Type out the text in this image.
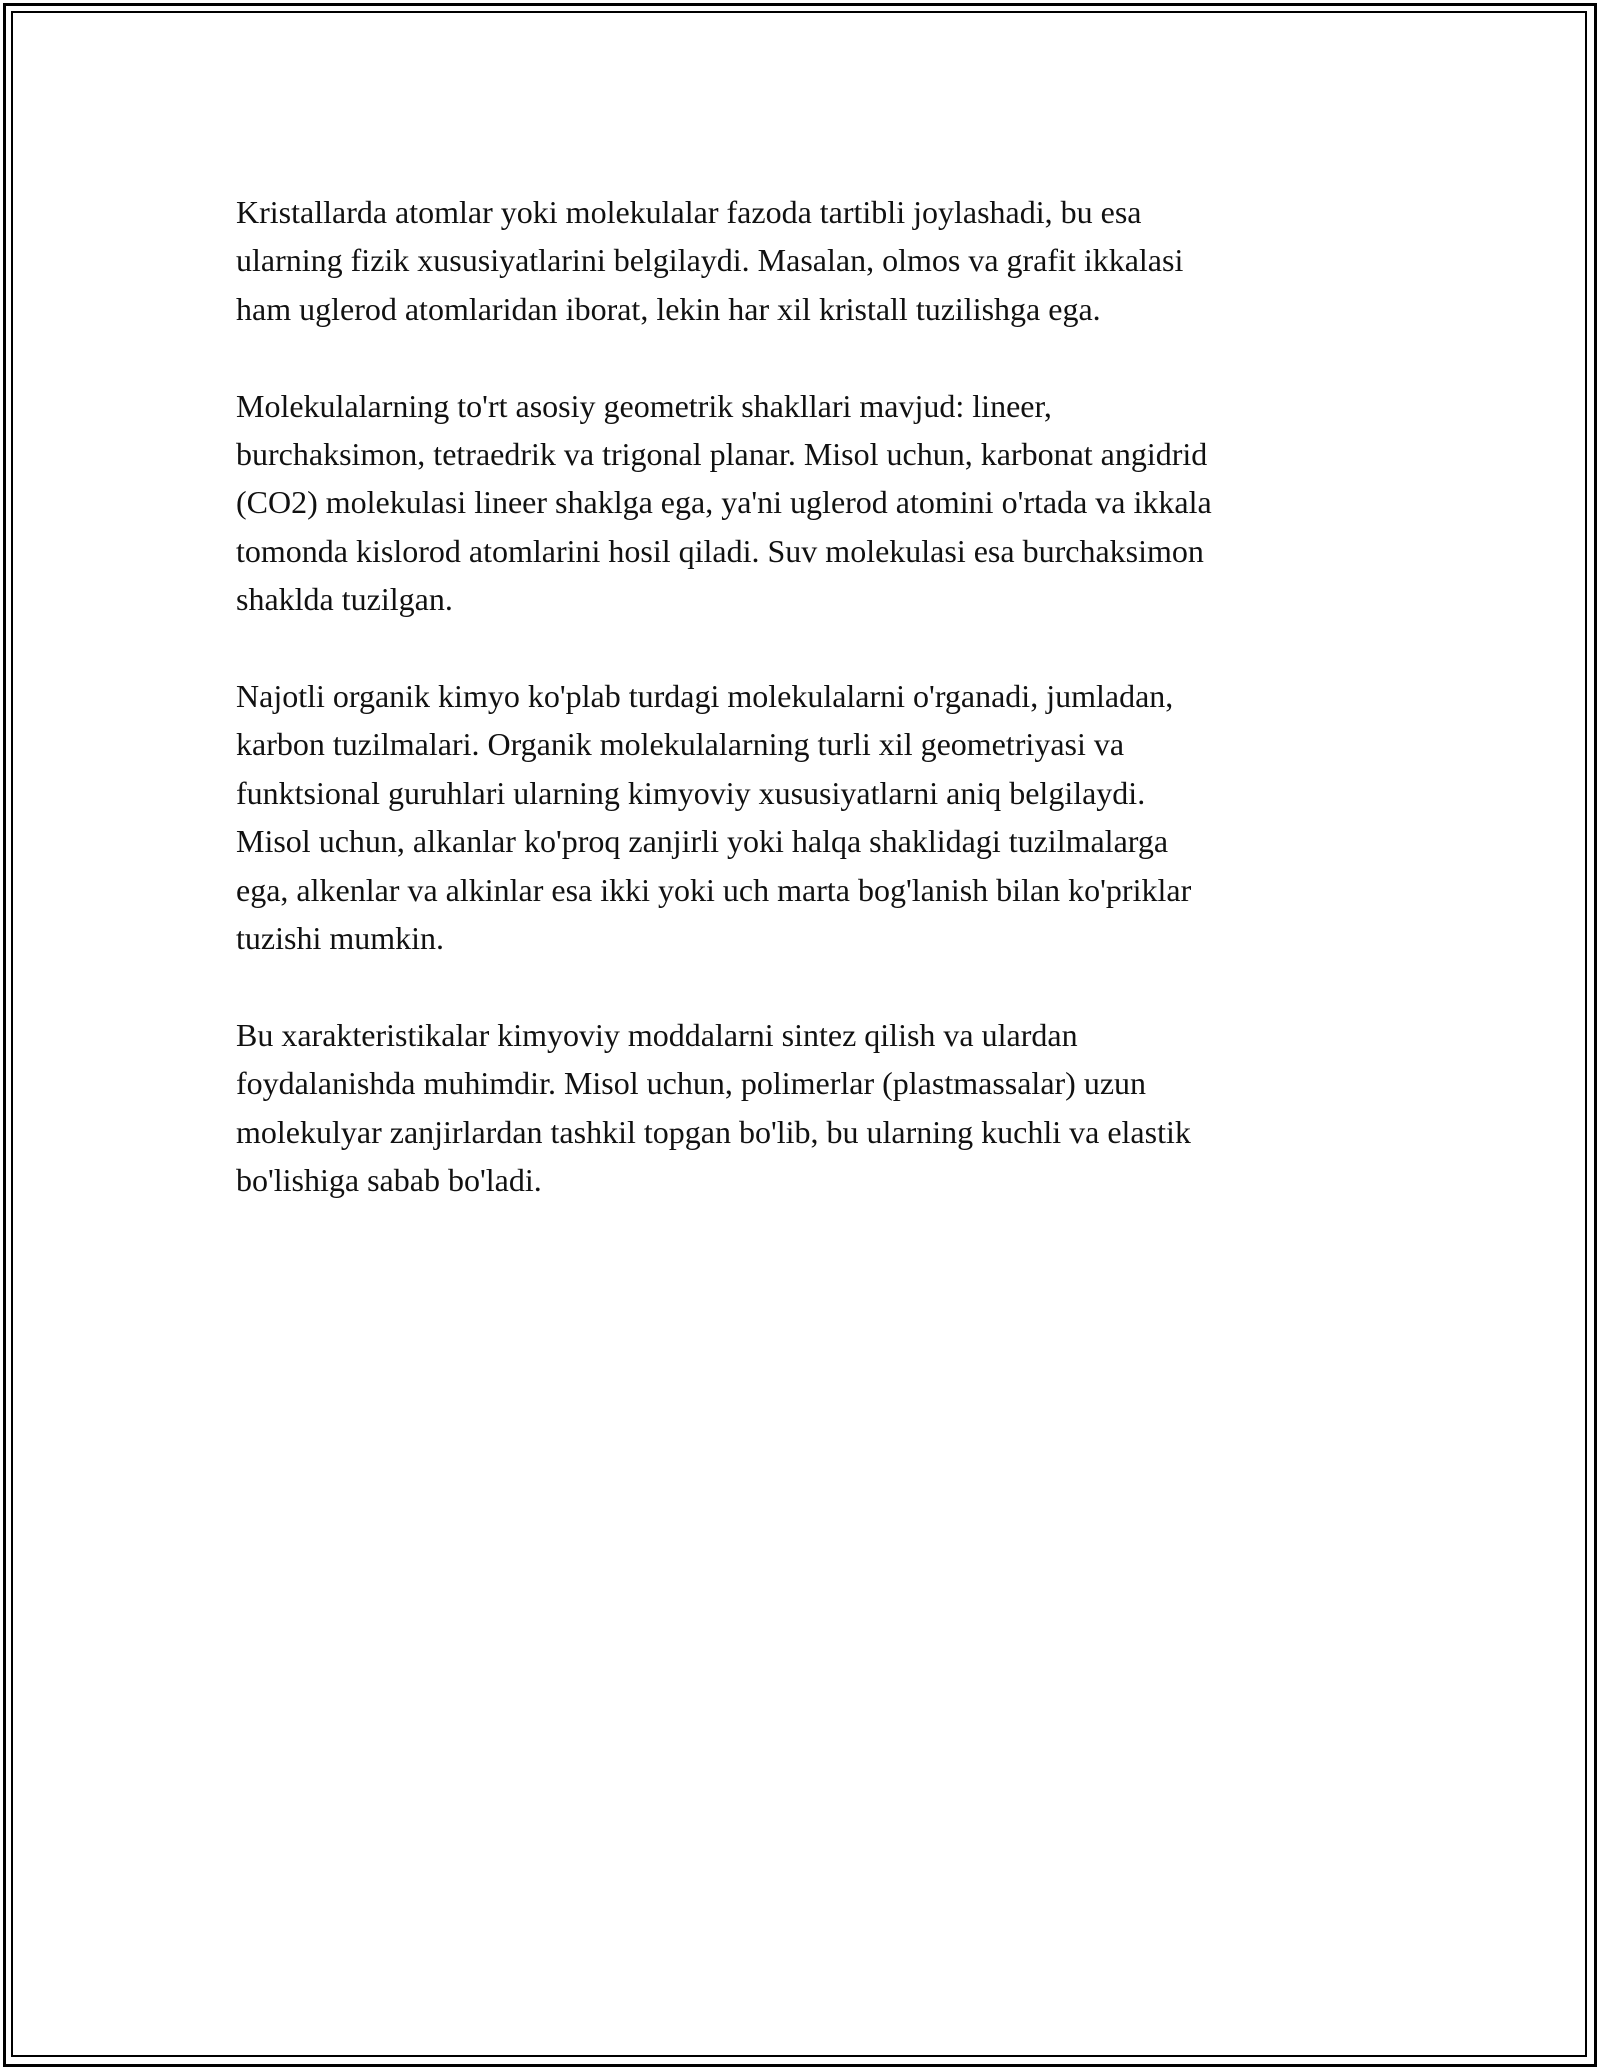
Kristallarda atomlar yoki molekulalar fazoda tartibli joylashadi, bu esa
ularning fizik xususiyatlarini belgilaydi. Masalan, olmos va grafit ikkalasi
ham uglerod atomlaridan iborat, lekin har xil kristall tuzilishga ega.

Molekulalarning to'rt asosiy geometrik shakllari mavjud: lineer,
burchaksimon, tetraedrik va trigonal planar. Misol uchun, karbonat angidrid
(CO2) molekulasi lineer shaklga ega, ya'ni uglerod atomini o'rtada va ikkala
tomonda kislorod atomlarini hosil qiladi. Suv molekulasi esa burchaksimon
shaklda tuzilgan.

Najotli organik kimyo ko'plab turdagi molekulalarni o'rganadi, jumladan,
karbon tuzilmalari. Organik molekulalarning turli xil geometriyasi va
funktsional guruhlari ularning kimyoviy xususiyatlarni aniq belgilaydi.
Misol uchun, alkanlar ko'proq zanjirli yoki halqa shaklidagi tuzilmalarga
ega, alkenlar va alkinlar esa ikki yoki uch marta bog'lanish bilan ko'priklar
tuzishi mumkin.

Bu xarakteristikalar kimyoviy moddalarni sintez qilish va ulardan
foydalanishda muhimdir. Misol uchun, polimerlar (plastmassalar) uzun
molekulyar zanjirlardan tashkil topgan bo'lib, bu ularning kuchli va elastik
bo'lishiga sabab bo'ladi.
